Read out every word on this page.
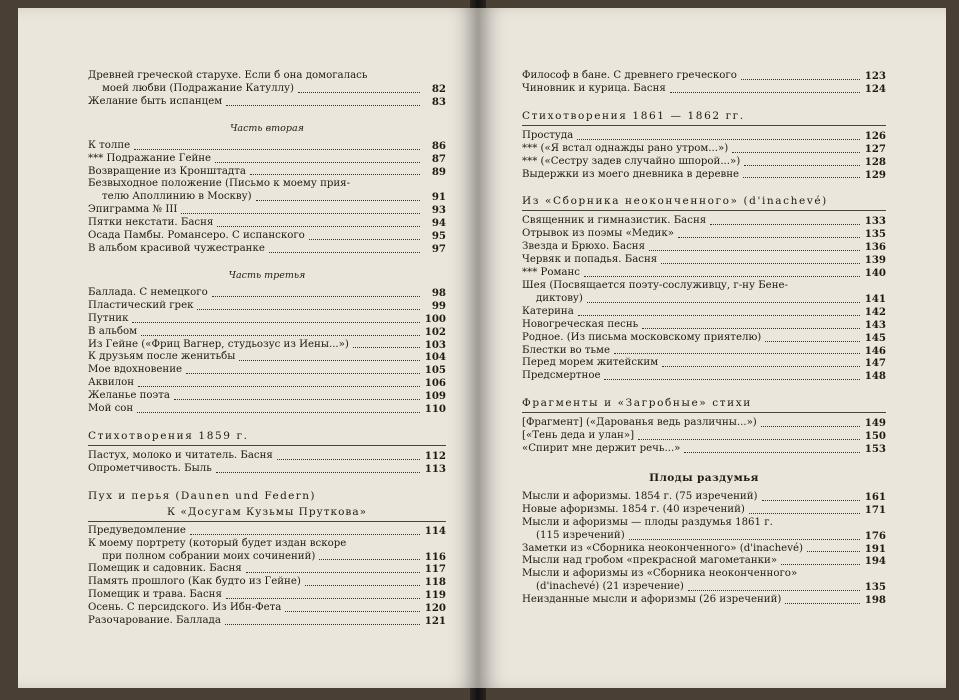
Древней греческой старухе. Если б она домогалась
моей любви (Подражание Катуллу)	82
Желание быть испанцем	83
Часть вторая
К толпе	86
*** Подражание Гейне	87
Возвращение из Кронштадта	89
Безвыходное положение (Письмо к моему прия-
телю Аполлинию в Москву)	91
Эпиграмма № III	93
Пятки некстати. Басня	94
Осада Памбы. Романсеро. С испанского	95
В альбом красивой чужестранке	97
Часть третья
Баллада. С немецкого	98
Пластический грек	99
Путник	100
В альбом	102
Из Гейне («Фриц Вагнер, студьозус из Иены...»)	103
К друзьям после женитьбы	104
Мое вдохновение	105
Аквилон	106
Желанье поэта	109
Мой сон	110
Стихотворения 1859 г.
Пастух, молоко и читатель. Басня	112
Опрометчивость. Быль	113
Пух и перья (Daunen und Federn)
К «Досугам Кузьмы Пруткова»
Предуведомление	114
К моему портрету (который будет издан вскоре
при полном собрании моих сочинений)	116
Помещик и садовник. Басня	117
Память прошлого (Как будто из Гейне)	118
Помещик и трава. Басня	119
Осень. С персидского. Из Ибн-Фета	120
Разочарование. Баллада	121
Философ в бане. С древнего греческого	123
Чиновник и курица. Басня	124
Стихотворения 1861 — 1862 гг.
Простуда	126
*** («Я встал однажды рано утром...»)	127
*** («Сестру задев случайно шпорой...»)	128
Выдержки из моего дневника в деревне	129
Из «Сборника неоконченного» (d'inachevé)
Священник и гимназистик. Басня	133
Отрывок из поэмы «Медик»	135
Звезда и Брюхо. Басня	136
Червяк и попадья. Басня	139
*** Романс	140
Шея (Посвящается поэту-сослуживцу, г-ну Бене-
диктову)	141
Катерина	142
Новогреческая песнь	143
Родное. (Из письма московскому приятелю)	145
Блестки во тьме	146
Перед морем житейским	147
Предсмертное	148
Фрагменты и «Загробные» стихи
[Фрагмент] («Дарованья ведь различны...»)	149
[«Тень деда и улан»]	150
«Спирит мне держит речь...»	153
Плоды раздумья
Мысли и афоризмы. 1854 г. (75 изречений)	161
Новые афоризмы. 1854 г. (40 изречений)	171
Мысли и афоризмы — плоды раздумья 1861 г.
(115 изречений)	176
Заметки из «Сборника неоконченного» (d'inachevé)	191
Мысли над гробом «прекрасной магометанки»	194
Мысли и афоризмы из «Сборника неоконченного»
(d'inachevé) (21 изречение)	135
Неизданные мысли и афоризмы (26 изречений)	198
